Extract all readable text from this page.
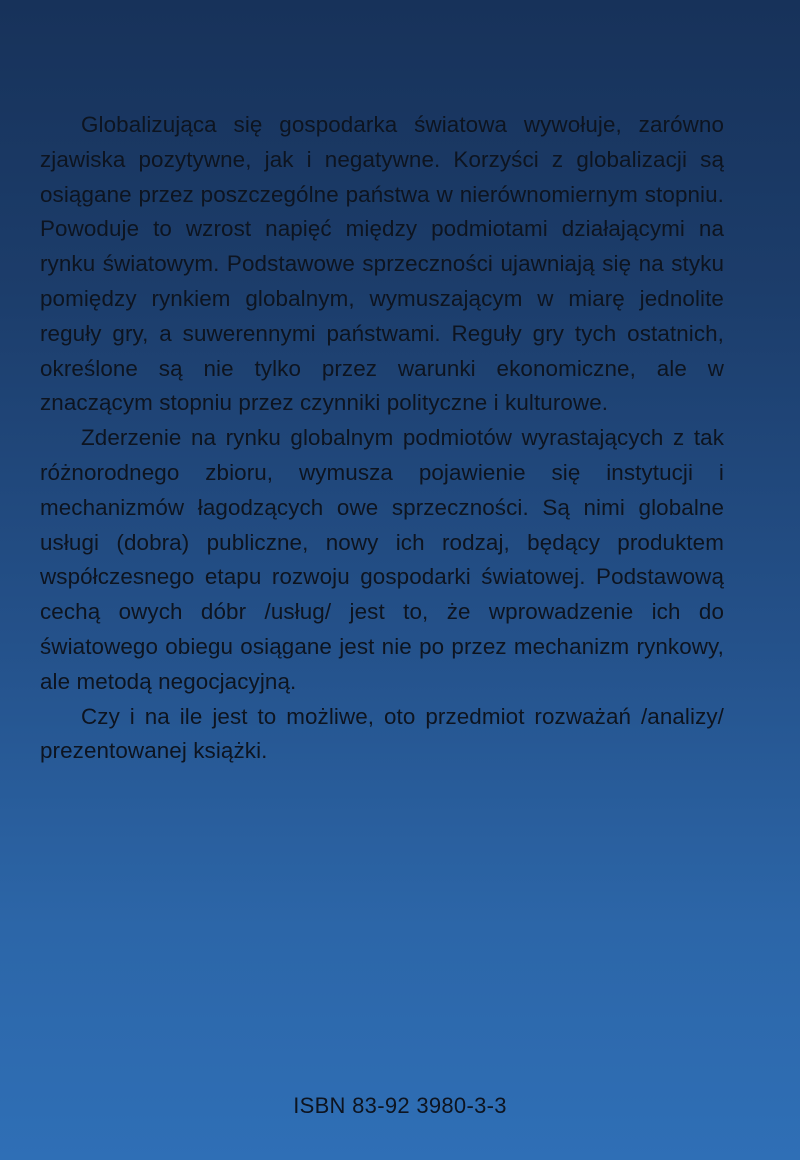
Globalizująca się gospodarka światowa wywołuje, zarówno zjawiska pozytywne, jak i negatywne. Korzyści z globalizacji są osiągane przez poszczególne państwa w nierównomiernym stopniu. Powoduje to wzrost napięć między podmiotami działającymi na rynku światowym. Podstawowe sprzeczności ujawniają się na styku pomiędzy rynkiem globalnym, wymuszającym w miarę jednolite reguły gry, a suwerennymi państwami. Reguły gry tych ostatnich, określone są nie tylko przez warunki ekonomiczne, ale w znaczącym stopniu przez czynniki polityczne i kulturowe.

Zderzenie na rynku globalnym podmiotów wyrastających z tak różnorodnego zbioru, wymusza pojawienie się instytucji i mechanizmów łagodzących owe sprzeczności. Są nimi globalne usługi (dobra) publiczne, nowy ich rodzaj, będący produktem współczesnego etapu rozwoju gospodarki światowej. Podstawową cechą owych dóbr /usług/ jest to, że wprowadzenie ich do światowego obiegu osiągane jest nie po przez mechanizm rynkowy, ale metodą negocjacyjną.

Czy i na ile jest to możliwe, oto przedmiot rozważań /analizy/ prezentowanej książki.

ISBN 83-92 3980-3-3
